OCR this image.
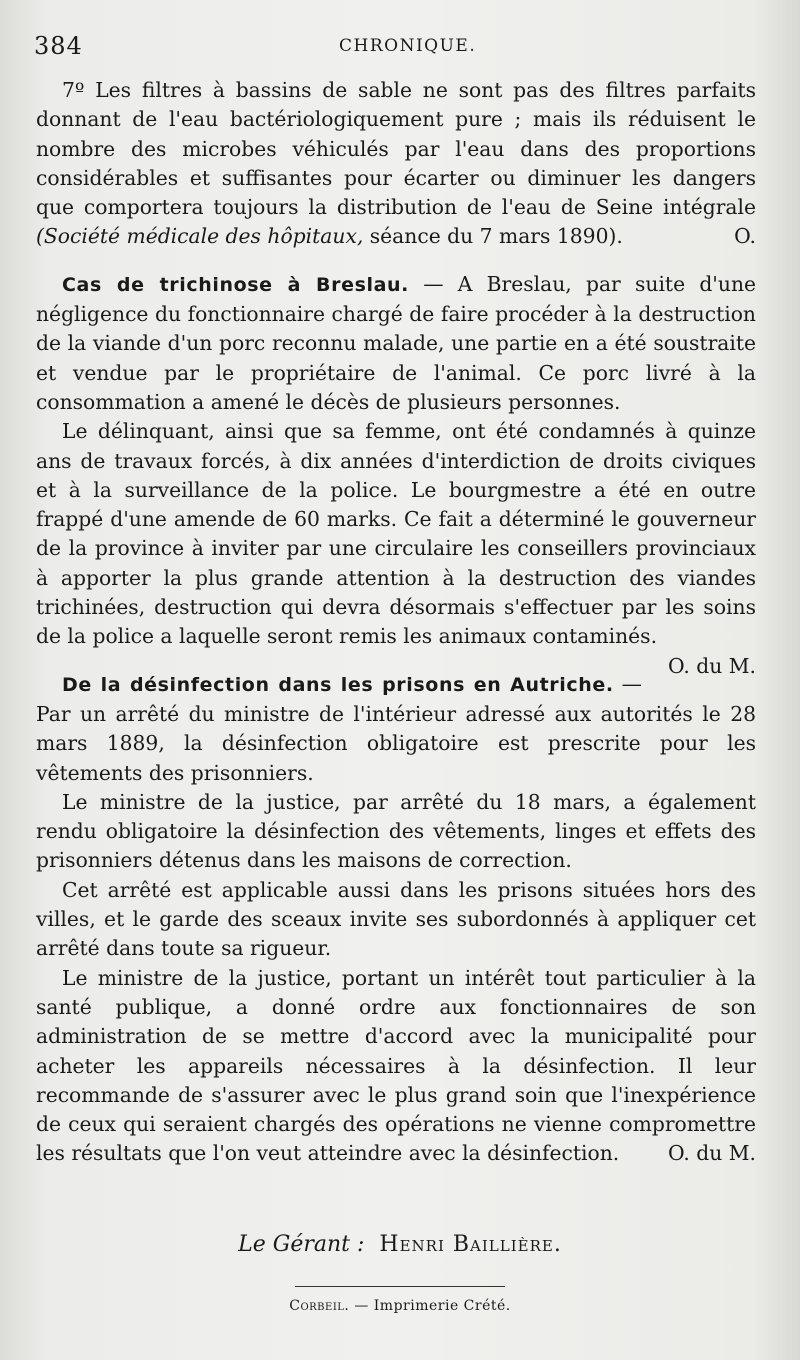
384	CHRONIQUE.

7º Les filtres à bassins de sable ne sont pas des filtres parfaits donnant de l'eau bactériologiquement pure ; mais ils réduisent le nombre des microbes véhiculés par l'eau dans des proportions considérables et suffisantes pour écarter ou diminuer les dangers que comportera toujours la distribution de l'eau de Seine intégrale (Société médicale des hôpitaux, séance du 7 mars 1890).	O.

Cas de trichinose à Breslau. — A Breslau, par suite d'une négligence du fonctionnaire chargé de faire procéder à la destruction de la viande d'un porc reconnu malade, une partie en a été soustraite et vendue par le propriétaire de l'animal. Ce porc livré à la consommation a amené le décès de plusieurs personnes.

Le délinquant, ainsi que sa femme, ont été condamnés à quinze ans de travaux forcés, à dix années d'interdiction de droits civiques et à la surveillance de la police. Le bourgmestre a été en outre frappé d'une amende de 60 marks. Ce fait a déterminé le gouverneur de la province à inviter par une circulaire les conseillers provinciaux à apporter la plus grande attention à la destruction des viandes trichinées, destruction qui devra désormais s'effectuer par les soins de la police a laquelle seront remis les animaux contaminés.
O. du M.

De la désinfection dans les prisons en Autriche. — Par un arrêté du ministre de l'intérieur adressé aux autorités le 28 mars 1889, la désinfection obligatoire est prescrite pour les vêtements des prisonniers.

Le ministre de la justice, par arrêté du 18 mars, a également rendu obligatoire la désinfection des vêtements, linges et effets des prisonniers détenus dans les maisons de correction.

Cet arrêté est applicable aussi dans les prisons situées hors des villes, et le garde des sceaux invite ses subordonnés à appliquer cet arrêté dans toute sa rigueur.

Le ministre de la justice, portant un intérêt tout particulier à la santé publique, a donné ordre aux fonctionnaires de son administration de se mettre d'accord avec la municipalité pour acheter les appareils nécessaires à la désinfection. Il leur recommande de s'assurer avec le plus grand soin que l'inexpérience de ceux qui seraient chargés des opérations ne vienne compromettre les résultats que l'on veut atteindre avec la désinfection.	O. du M.

Le Gérant : Henri Baillière.
Corbeil. — Imprimerie Crété.
